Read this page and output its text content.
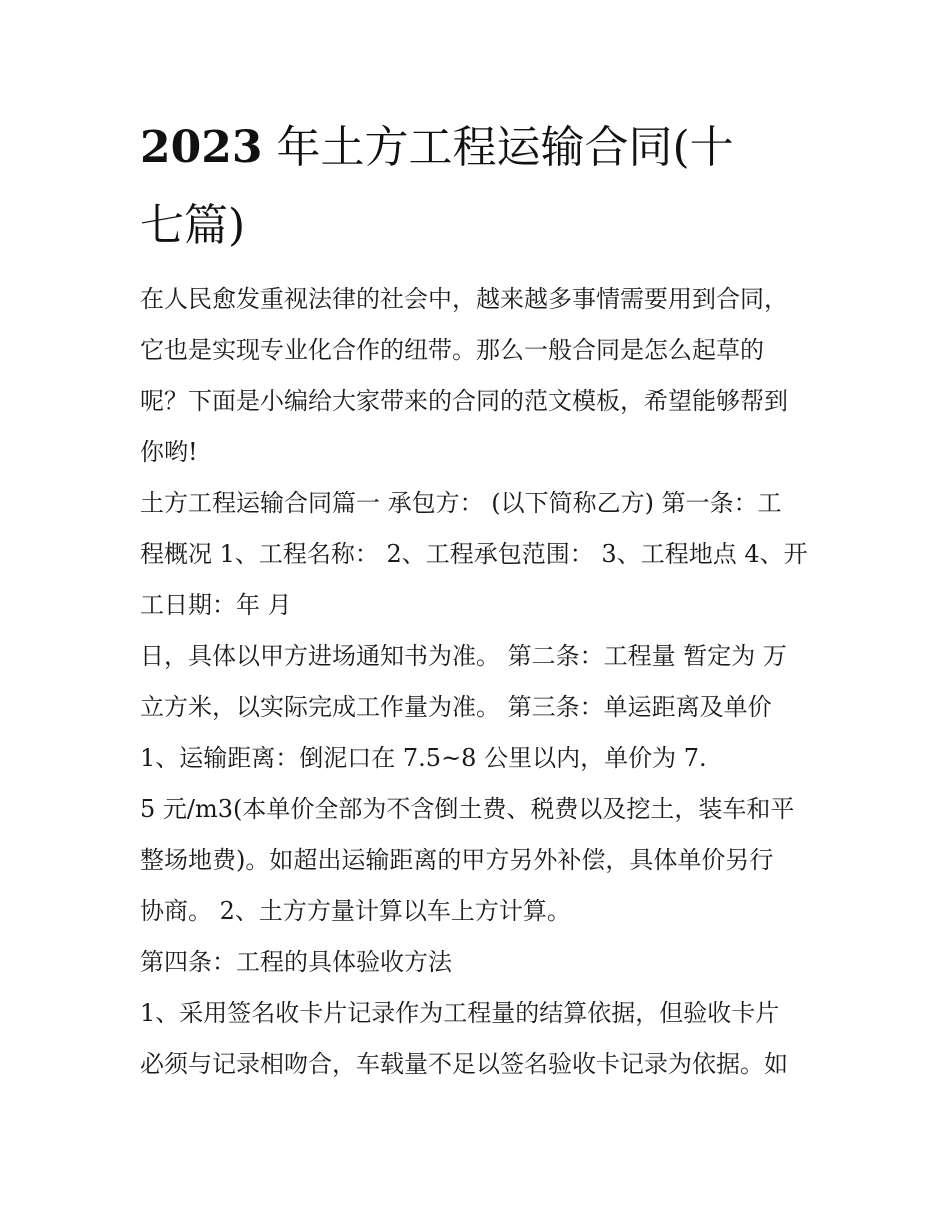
2023 年土方工程运输合同(十
七篇)
在人民愈发重视法律的社会中，越来越多事情需要用到合同，
它也是实现专业化合作的纽带。那么一般合同是怎么起草的
呢？下面是小编给大家带来的合同的范文模板，希望能够帮到
你哟!
土方工程运输合同篇一 承包方： (以下简称乙方) 第一条：工
程概况 1、工程名称： 2、工程承包范围： 3、工程地点 4、开
工日期：年 月
日，具体以甲方进场通知书为准。 第二条：工程量 暂定为 万
立方米，以实际完成工作量为准。 第三条：单运距离及单价
1、运输距离：倒泥口在 7.5~8 公里以内，单价为 7.
5 元/m3(本单价全部为不含倒土费、税费以及挖土，装车和平
整场地费)。如超出运输距离的甲方另外补偿，具体单价另行
协商。 2、土方方量计算以车上方计算。
第四条：工程的具体验收方法
1、采用签名收卡片记录作为工程量的结算依据，但验收卡片
必须与记录相吻合，车载量不足以签名验收卡记录为依据。如
